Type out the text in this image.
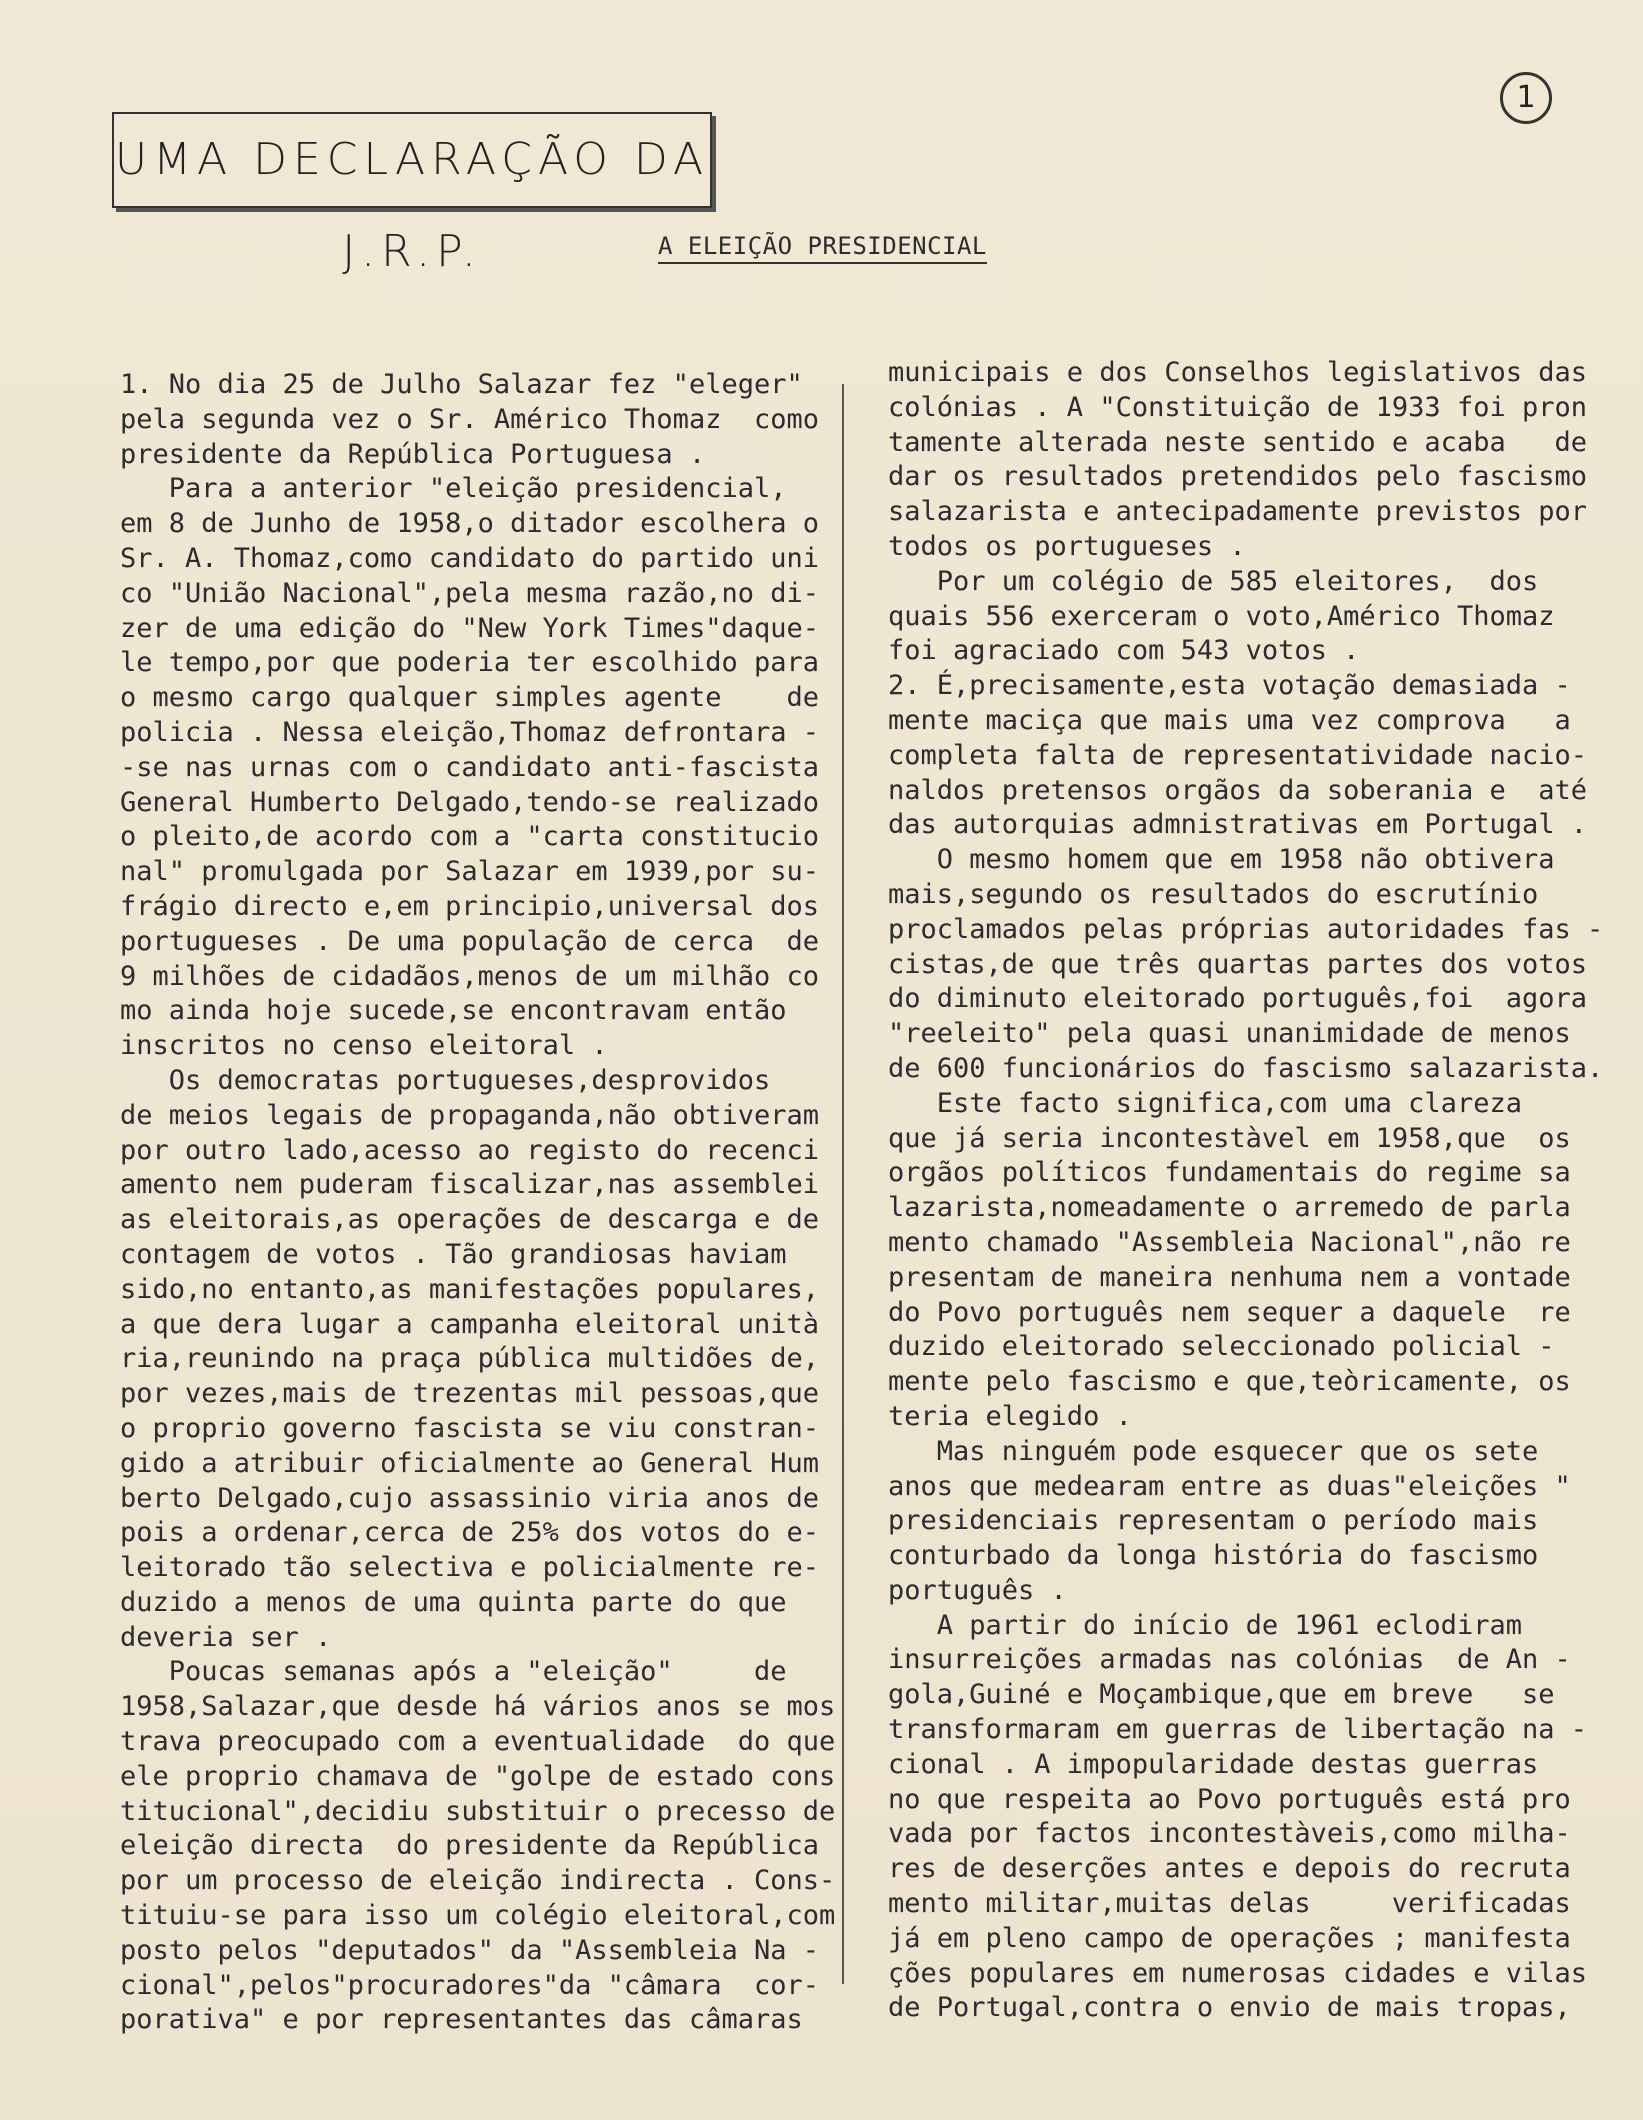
1
UMA DECLARAÇÃO DA J.R.P.	A ELEIÇÃO PRESIDENCIAL
1. No dia 25 de Julho Salazar fez "eleger"
pela segunda vez o Sr. Américo Thomaz  como
presidente da República Portuguesa .
Para a anterior "eleição presidencial,
em 8 de Junho de 1958,o ditador escolhera o
Sr. A. Thomaz,como candidato do partido uni
co "União Nacional",pela mesma razão,no di-
zer de uma edição do "New York Times"daque-
le tempo,por que poderia ter escolhido para
o mesmo cargo qualquer simples agente    de
policia . Nessa eleição,Thomaz defrontara -
-se nas urnas com o candidato anti-fascista
General Humberto Delgado,tendo-se realizado
o pleito,de acordo com a "carta constitucio
nal" promulgada por Salazar em 1939,por su-
frágio directo e,em principio,universal dos
portugueses . De uma população de cerca  de
9 milhões de cidadãos,menos de um milhão co
mo ainda hoje sucede,se encontravam então
inscritos no censo eleitoral .
Os democratas portugueses,desprovidos
de meios legais de propaganda,não obtiveram
por outro lado,acesso ao registo do recenci
amento nem puderam fiscalizar,nas assemblei
as eleitorais,as operações de descarga e de
contagem de votos . Tão grandiosas haviam
sido,no entanto,as manifestações populares,
a que dera lugar a campanha eleitoral unità
ria,reunindo na praça pública multidões de,
por vezes,mais de trezentas mil pessoas,que
o proprio governo fascista se viu constran-
gido a atribuir oficialmente ao General Hum
berto Delgado,cujo assassinio viria anos de
pois a ordenar,cerca de 25% dos votos do e-
leitorado tão selectiva e policialmente re-
duzido a menos de uma quinta parte do que
deveria ser .
Poucas semanas após a "eleição"     de
1958,Salazar,que desde há vários anos se mos
trava preocupado com a eventualidade  do que
ele proprio chamava de "golpe de estado cons
titucional",decidiu substituir o precesso de
eleição directa  do presidente da República
por um processo de eleição indirecta . Cons-
tituiu-se para isso um colégio eleitoral,com
posto pelos "deputados" da "Assembleia Na -
cional",pelos"procuradores"da "câmara  cor-
porativa" e por representantes das câmaras
municipais e dos Conselhos legislativos das
colónias . A "Constituição de 1933 foi pron
tamente alterada neste sentido e acaba   de
dar os resultados pretendidos pelo fascismo
salazarista e antecipadamente previstos por
todos os portugueses .
Por um colégio de 585 eleitores,  dos
quais 556 exerceram o voto,Américo Thomaz
foi agraciado com 543 votos .
2. É,precisamente,esta votação demasiada -
mente maciça que mais uma vez comprova   a
completa falta de representatividade nacio-
naldos pretensos orgãos da soberania e  até
das autorquias admnistrativas em Portugal .
O mesmo homem que em 1958 não obtivera
mais,segundo os resultados do escrutínio
proclamados pelas próprias autoridades fas -
cistas,de que três quartas partes dos votos
do diminuto eleitorado português,foi  agora
"reeleito" pela quasi unanimidade de menos
de 600 funcionários do fascismo salazarista.
Este facto significa,com uma clareza
que já seria incontestàvel em 1958,que  os
orgãos políticos fundamentais do regime sa
lazarista,nomeadamente o arremedo de parla
mento chamado "Assembleia Nacional",não re
presentam de maneira nenhuma nem a vontade
do Povo português nem sequer a daquele  re
duzido eleitorado seleccionado policial -
mente pelo fascismo e que,teòricamente, os
teria elegido .
Mas ninguém pode esquecer que os sete
anos que medearam entre as duas"eleições "
presidenciais representam o período mais
conturbado da longa história do fascismo
português .
A partir do início de 1961 eclodiram
insurreições armadas nas colónias  de An -
gola,Guiné e Moçambique,que em breve   se
transformaram em guerras de libertação na -
cional . A impopularidade destas guerras
no que respeita ao Povo português está pro
vada por factos incontestàveis,como milha-
res de deserções antes e depois do recruta
mento militar,muitas delas     verificadas
já em pleno campo de operações ; manifesta
ções populares em numerosas cidades e vilas
de Portugal,contra o envio de mais tropas,
